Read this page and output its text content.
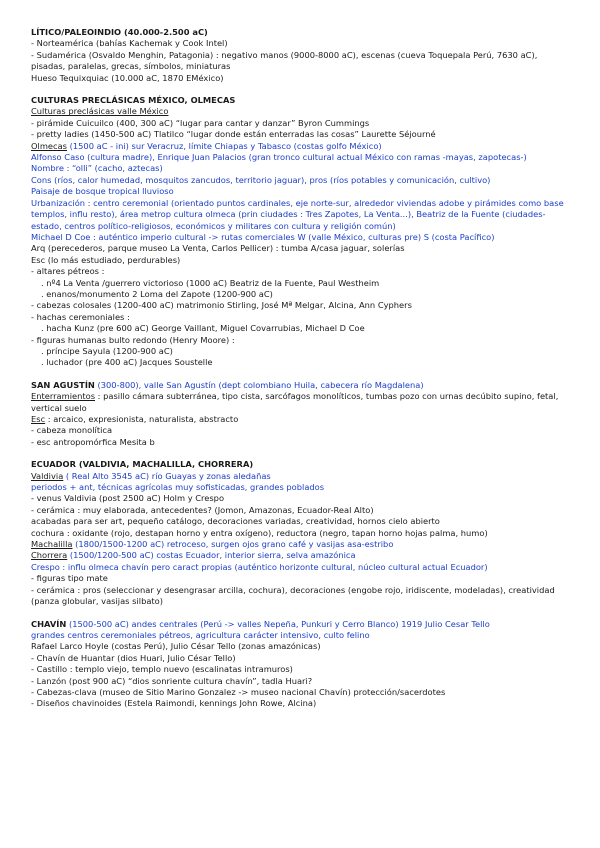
LÍTICO/PALEOINDIO (40.000-2.500 aC)
- Norteamérica (bahías Kachemak y Cook Intel)
- Sudamérica (Osvaldo Menghin, Patagonia) : negativo manos (9000-8000 aC), escenas (cueva Toquepala Perú, 7630 aC), pisadas, paralelas, grecas, símbolos, miniaturas
Hueso Tequixquiac (10.000 aC, 1870 EMéxico)
CULTURAS PRECLÁSICAS MÉXICO, OLMECAS
Culturas preclásicas valle México
- pirámide Cuicuilco (400, 300 aC) “lugar para cantar y danzar” Byron Cummings
- pretty ladies (1450-500 aC) Tlatilco “lugar donde están enterradas las cosas” Laurette Séjourné
Olmecas (1500 aC - ini) sur Veracruz, límite Chiapas y Tabasco (costas golfo México)
Alfonso Caso (cultura madre), Enrique Juan Palacios (gran tronco cultural actual México con ramas -mayas, zapotecas-)
Nombre : “olli” (cacho, aztecas)
Cons (ríos, calor humedad, mosquitos zancudos, territorio jaguar), pros (ríos potables y comunicación, cultivo)
Paisaje de bosque tropical lluvioso
Urbanización : centro ceremonial (orientado puntos cardinales, eje norte-sur, alrededor viviendas adobe y pirámides como base templos, influ resto), área metrop cultura olmeca (prin ciudades : Tres Zapotes, La Venta...), Beatriz de la Fuente (ciudades-estado, centros político-religiosos, económicos y militares con cultura y religión común)
Michael D Coe : auténtico imperio cultural -> rutas comerciales W (valle México, culturas pre) S (costa Pacífico)
Arq (perecederos, parque museo La Venta, Carlos Pellicer) : tumba A/casa jaguar, solerías
Esc (lo más estudiado, perdurables)
- altares pétreos :
. nº4 La Venta /guerrero victorioso (1000 aC) Beatriz de la Fuente, Paul Westheim
. enanos/monumento 2 Loma del Zapote (1200-900 aC)
- cabezas colosales (1200-400 aC) matrimonio Stirling, José Mª Melgar, Alcina, Ann Cyphers
- hachas ceremoniales :
. hacha Kunz (pre 600 aC) George Vaillant, Miguel Covarrubias, Michael D Coe
- figuras humanas bulto redondo (Henry Moore) :
. príncipe Sayula (1200-900 aC)
. luchador (pre 400 aC) Jacques Soustelle
SAN AGUSTÍN (300-800), valle San Agustín (dept colombiano Huila, cabecera río Magdalena)
Enterramientos : pasillo cámara subterránea, tipo cista, sarcófagos monolíticos, tumbas pozo con urnas decúbito supino, fetal, vertical suelo
Esc : arcaico, expresionista, naturalista, abstracto
- cabeza monolítica
- esc antropomórfica Mesita b
ECUADOR (VALDIVIA, MACHALILLA, CHORRERA)
Valdivia ( Real Alto 3545 aC) río Guayas y zonas aledañas
periodos + ant, técnicas agrícolas muy sofisticadas, grandes poblados
- venus Valdivia (post 2500 aC) Holm y Crespo
- cerámica : muy elaborada, antecedentes? (Jomon, Amazonas, Ecuador-Real Alto)
acabadas para ser art, pequeño catálogo, decoraciones variadas, creatividad, hornos cielo abierto
cochura : oxidante (rojo, destapan horno y entra oxígeno), reductora (negro, tapan horno hojas palma, humo)
Machalilla (1800/1500-1200 aC) retroceso, surgen ojos grano café y vasijas asa-estribo
Chorrera (1500/1200-500 aC) costas Ecuador, interior sierra, selva amazónica
Crespo : influ olmeca chavín pero caract propias (auténtico horizonte cultural, núcleo cultural actual Ecuador)
- figuras tipo mate
- cerámica : pros (seleccionar y desengrasar arcilla, cochura), decoraciones (engobe rojo, iridiscente, modeladas), creatividad (panza globular, vasijas silbato)
CHAVÍN (1500-500 aC) andes centrales (Perú -> valles Nepeña, Punkuri y Cerro Blanco) 1919 Julio Cesar Tello
grandes centros ceremoniales pétreos, agricultura carácter intensivo, culto felino
Rafael Larco Hoyle (costas Perú), Julio César Tello (zonas amazónicas)
- Chavín de Huantar (dios Huari, Julio César Tello)
- Castillo : templo viejo, templo nuevo (escalinatas intramuros)
- Lanzón (post 900 aC) “dios sonriente cultura chavín”, tadla Huari?
- Cabezas-clava (museo de Sitio Marino Gonzalez -> museo nacional Chavín) protección/sacerdotes
- Diseños chavinoides (Estela Raimondi, kennings John Rowe, Alcina)
